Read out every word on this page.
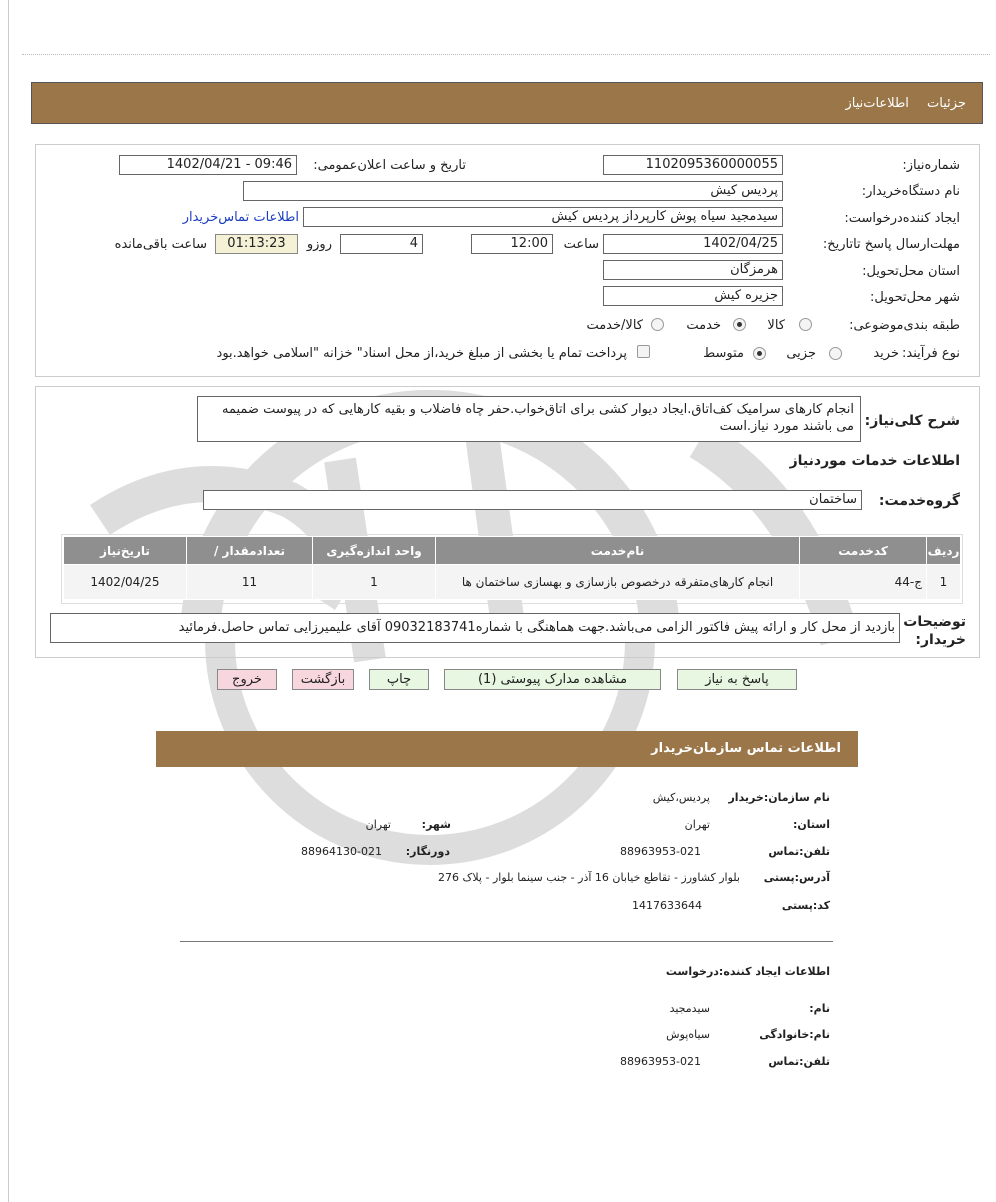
جزئیات اطلاعات‌نیاز
شماره‌نیاز:
1102095360000055
تاریخ و ساعت اعلان‌عمومی:
1402/04/21 - 09:46
نام دستگاه‌خریدار:
پردیس کیش
ایجاد کننده‌درخواست:
سیدمجید سیاه پوش کارپرداز پردیس کیش
اطلاعات تماس‌خریدار
مهلت‌ارسال پاسخ تا‌تاریخ:
1402/04/25
ساعت
12:00
4
روزو
01:13:23
ساعت باقی‌مانده
استان محل‌تحویل:
هرمزگان
شهر محل‌تحویل:
جزیره کیش
طبقه بندی‌موضوعی:
کالا
خدمت
کالا/خدمت
نوع فرآیند:
خرید
جزیی
متوسط
پرداخت تمام یا بخشی از مبلغ خرید،از محل اسناد" خزانه "اسلامی خواهد.بود
شرح کلی‌نیاز:
انجام کارهای سرامیک کف‌اتاق.ایجاد دیوار کشی برای اتاق‌خواب.حفر چاه فاضلاب و بقیه کارهایی که در پیوست ضمیمه می باشند مورد نیاز.است
اطلاعات خدمات موردنیاز
گروه‌خدمت:
ساختمان
ردیف	کدخدمت	نام‌خدمت	واحد اندازه‌گیری	تعداد‌مقدار /	تاریخ‌نیاز
1	ج-44	انجام کارهای‌متفرقه درخصوص بازسازی و بهسازی ساختمان ها	1	11	1402/04/25
توضیحات خریدار:
بازدید از محل کار و ارائه پیش فاکتور الزامی می‌باشد.جهت هماهنگی با شماره09032183741 آقای علیمیرزایی تماس حاصل.فرمائید
پاسخ به نیاز
مشاهده مدارک پیوستی (1)
چاپ
بازگشت
خروج
اطلاعات تماس سازمان‌خریدار
نام سازمان:خریدار
پردیس،کیش
استان:
تهران
شهر:
تهران
تلفن:تماس
88963953-021
دورنگار:
88964130-021
آدرس:پستی
بلوار کشاورز - تقاطع خیابان 16 آذر - جنب سینما بلوار - پلاک 276
کد:پستی
1417633644
اطلاعات ایجاد کننده:درخواست
نام:
سیدمجید
نام:خانوادگی
سیاه‌پوش
تلفن:تماس
88963953-021
